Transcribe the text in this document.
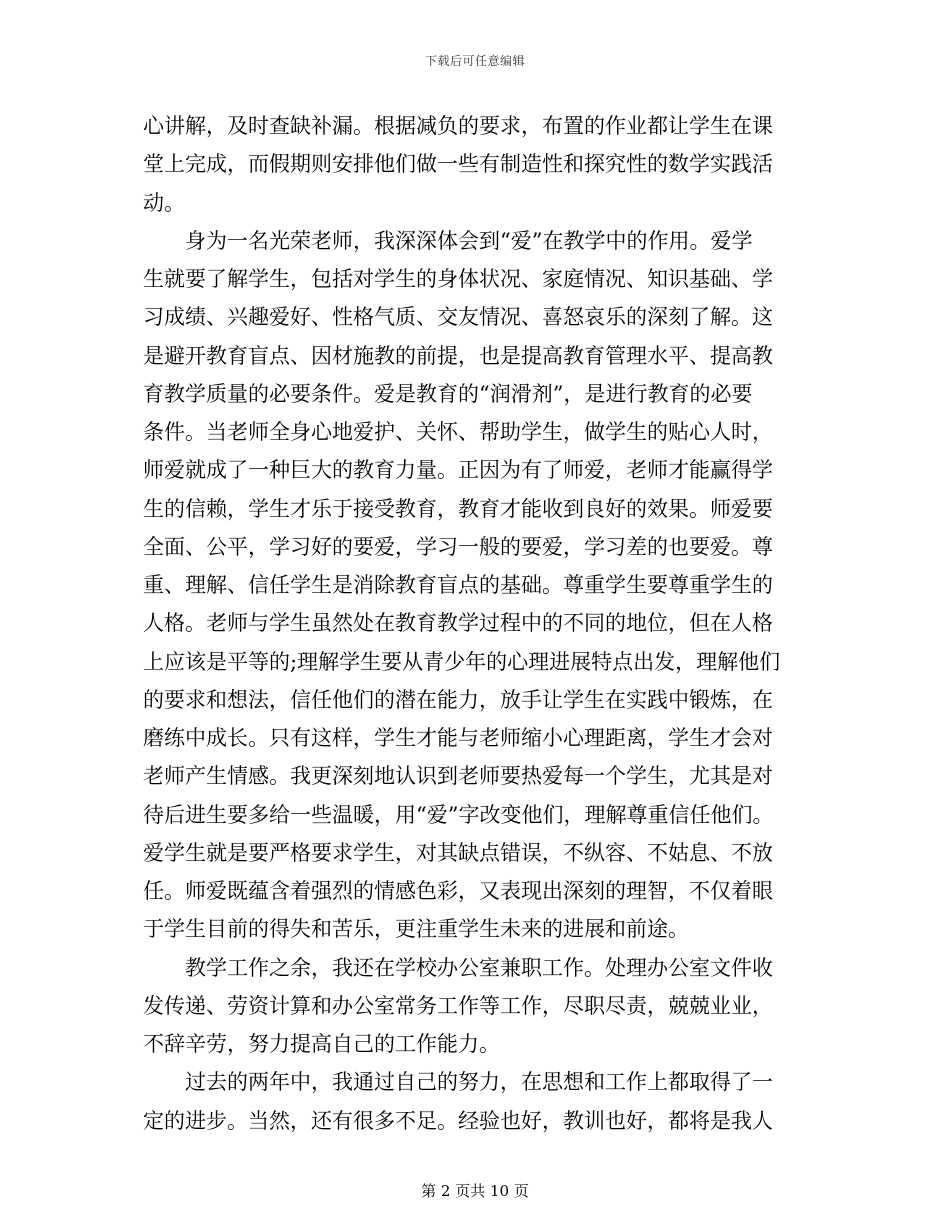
下载后可任意编辑
心讲解，及时查缺补漏。根据减负的要求，布置的作业都让学生在课
堂上完成，而假期则安排他们做一些有制造性和探究性的数学实践活
动。
　　身为一名光荣老师，我深深体会到“爱”在教学中的作用。爱学
生就要了解学生，包括对学生的身体状况、家庭情况、知识基础、学
习成绩、兴趣爱好、性格气质、交友情况、喜怒哀乐的深刻了解。这
是避开教育盲点、因材施教的前提，也是提高教育管理水平、提高教
育教学质量的必要条件。爱是教育的“润滑剂”，是进行教育的必要
条件。当老师全身心地爱护、关怀、帮助学生，做学生的贴心人时，
师爱就成了一种巨大的教育力量。正因为有了师爱，老师才能赢得学
生的信赖，学生才乐于接受教育，教育才能收到良好的效果。师爱要
全面、公平，学习好的要爱，学习一般的要爱，学习差的也要爱。尊
重、理解、信任学生是消除教育盲点的基础。尊重学生要尊重学生的
人格。老师与学生虽然处在教育教学过程中的不同的地位，但在人格
上应该是平等的;理解学生要从青少年的心理进展特点出发，理解他们
的要求和想法，信任他们的潜在能力，放手让学生在实践中锻炼，在
磨练中成长。只有这样，学生才能与老师缩小心理距离，学生才会对
老师产生情感。我更深刻地认识到老师要热爱每一个学生，尤其是对
待后进生要多给一些温暖，用“爱”字改变他们，理解尊重信任他们。
爱学生就是要严格要求学生，对其缺点错误，不纵容、不姑息、不放
任。师爱既蕴含着强烈的情感色彩，又表现出深刻的理智，不仅着眼
于学生目前的得失和苦乐，更注重学生未来的进展和前途。
　　教学工作之余，我还在学校办公室兼职工作。处理办公室文件收
发传递、劳资计算和办公室常务工作等工作，尽职尽责，兢兢业业，
不辞辛劳，努力提高自己的工作能力。
　　过去的两年中，我通过自己的努力，在思想和工作上都取得了一
定的进步。当然，还有很多不足。经验也好，教训也好，都将是我人
第 2 页共 10 页
